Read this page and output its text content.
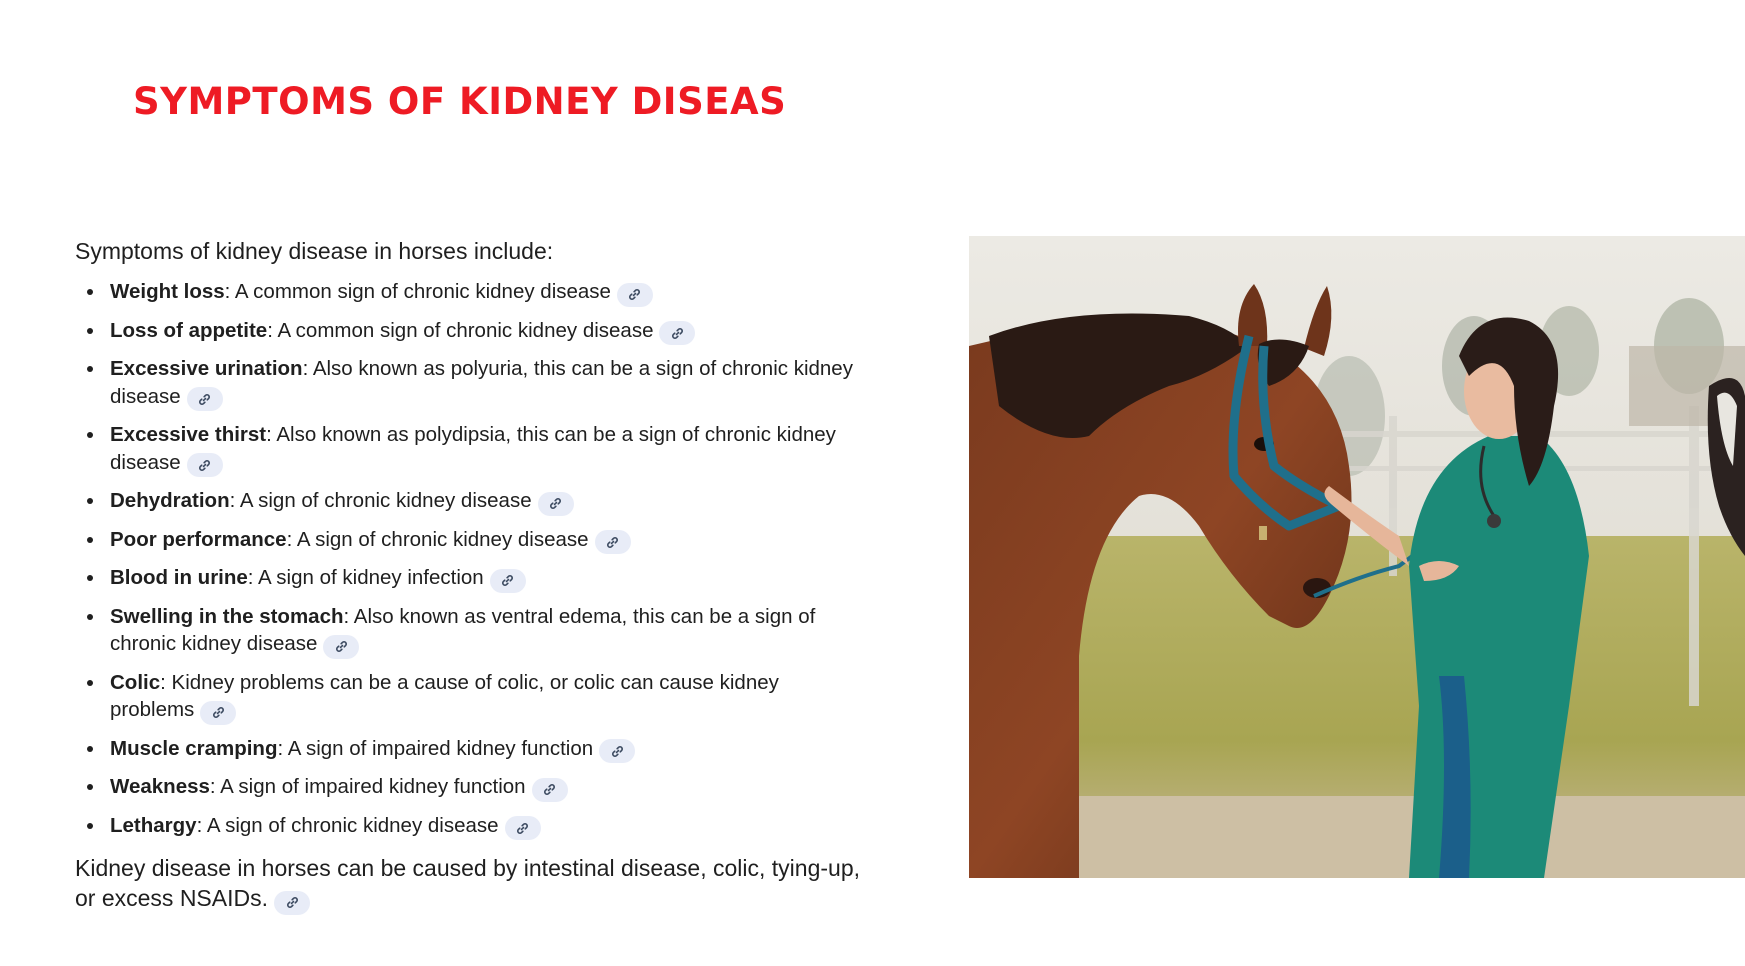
SYMPTOMS OF KIDNEY DISEAS

Symptoms of kidney disease in horses include:

Weight loss: A common sign of chronic kidney disease
Loss of appetite: A common sign of chronic kidney disease
Excessive urination: Also known as polyuria, this can be a sign of chronic kidney disease
Excessive thirst: Also known as polydipsia, this can be a sign of chronic kidney disease
Dehydration: A sign of chronic kidney disease
Poor performance: A sign of chronic kidney disease
Blood in urine: A sign of kidney infection
Swelling in the stomach: Also known as ventral edema, this can be a sign of chronic kidney disease
Colic: Kidney problems can be a cause of colic, or colic can cause kidney problems
Muscle cramping: A sign of impaired kidney function
Weakness: A sign of impaired kidney function
Lethargy: A sign of chronic kidney disease

Kidney disease in horses can be caused by intestinal disease, colic, tying-up, or excess NSAIDs.
